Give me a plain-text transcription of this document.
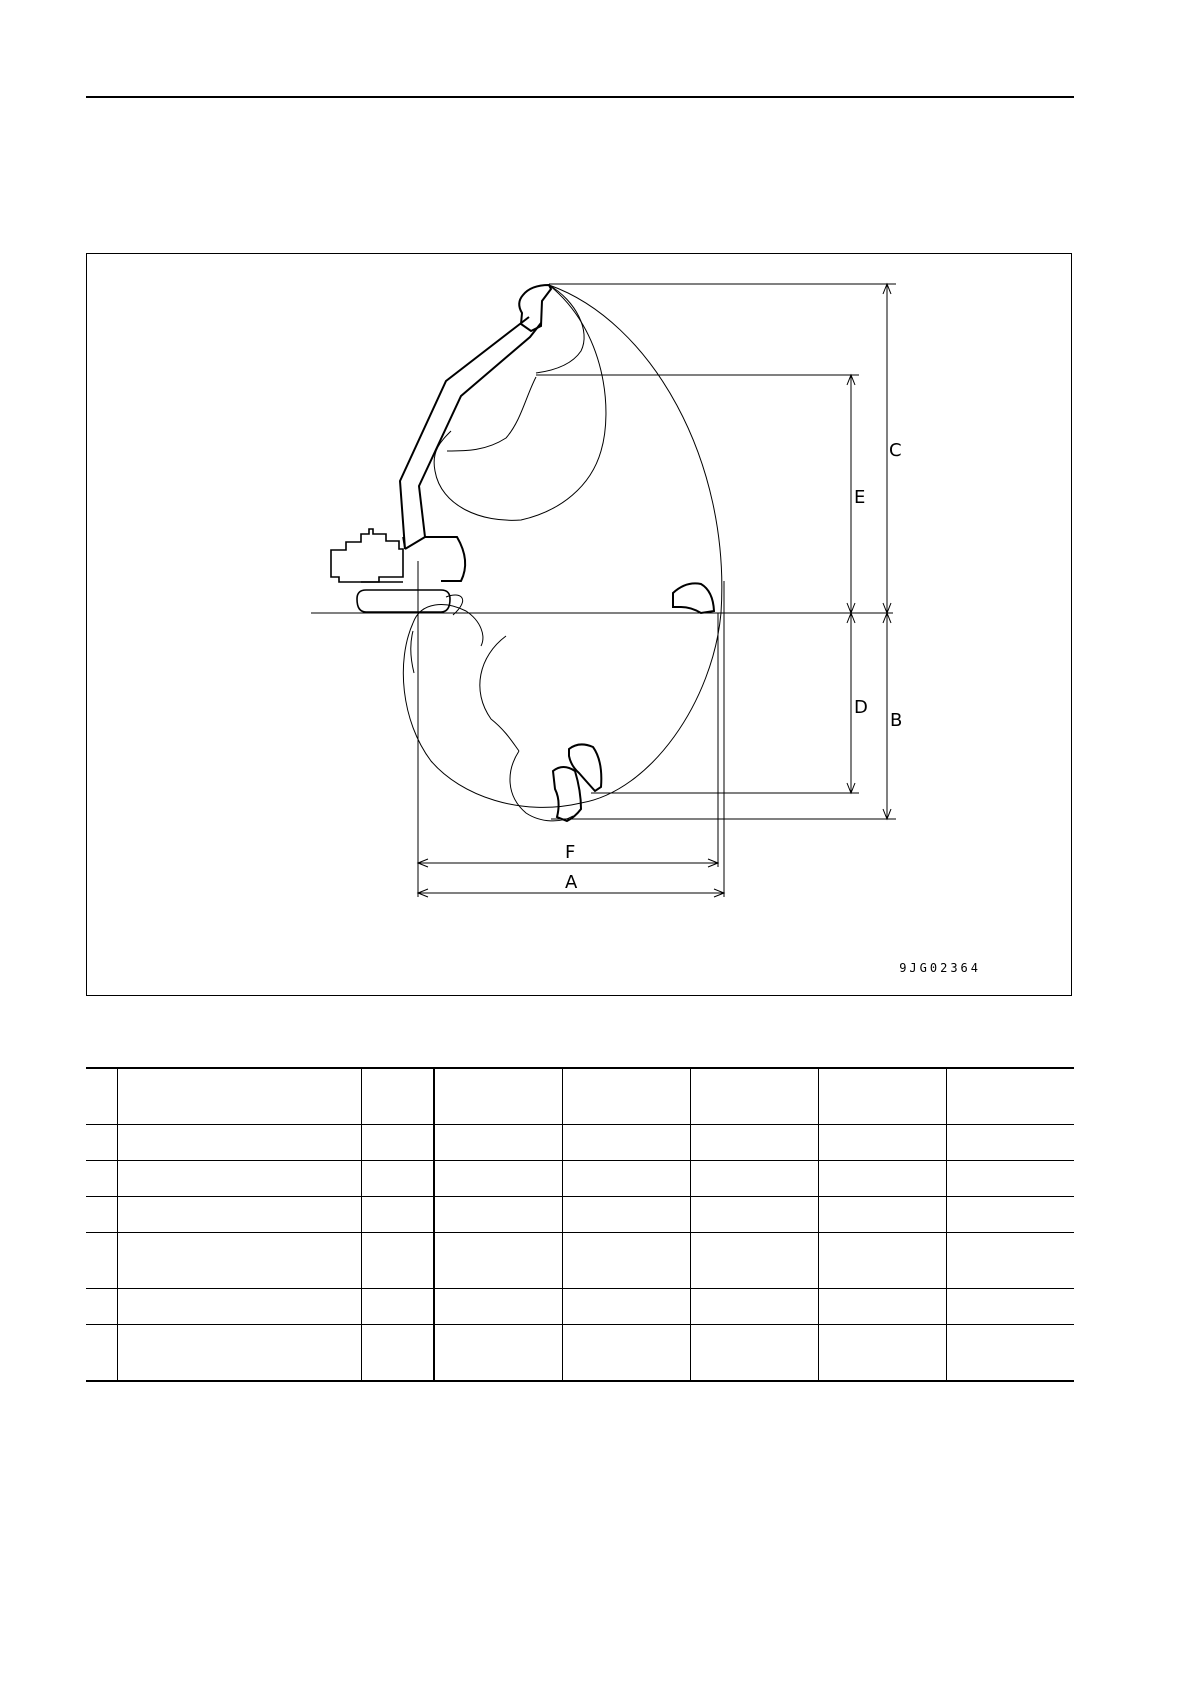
C
E
D
B
F
A
9JG02364
